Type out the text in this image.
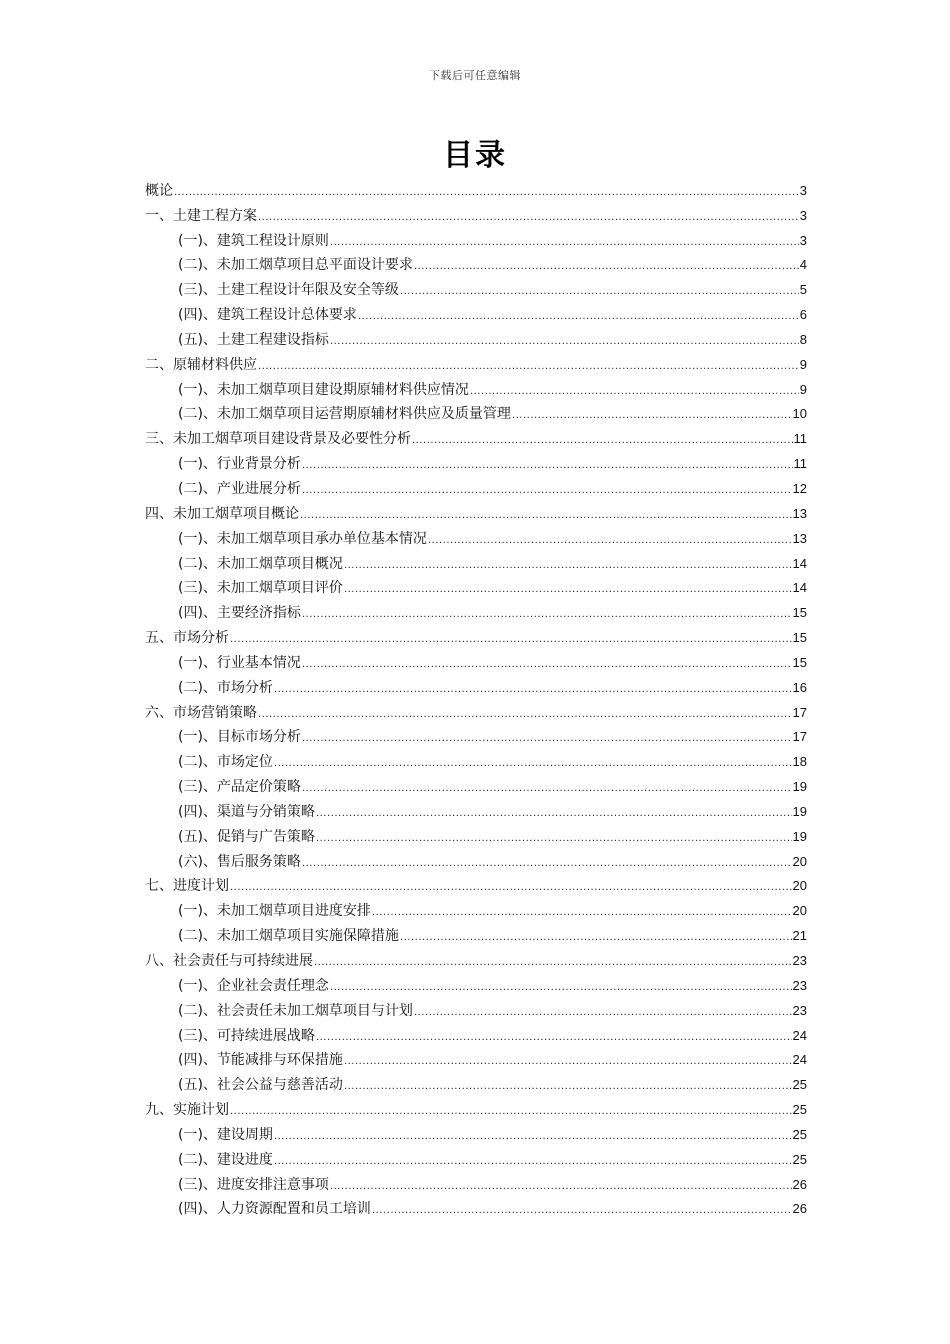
下载后可任意编辑
目录
概论 .....	3
一、土建工程方案 .....	3
(一)、建筑工程设计原则 .....	3
(二)、未加工烟草项目总平面设计要求 .....	4
(三)、土建工程设计年限及安全等级 .....	5
(四)、建筑工程设计总体要求 .....	6
(五)、土建工程建设指标 .....	8
二、原辅材料供应 .....	9
(一)、未加工烟草项目建设期原辅材料供应情况 .....	9
(二)、未加工烟草项目运营期原辅材料供应及质量管理 .....	10
三、未加工烟草项目建设背景及必要性分析 .....	11
(一)、行业背景分析 .....	11
(二)、产业进展分析 .....	12
四、未加工烟草项目概论 .....	13
(一)、未加工烟草项目承办单位基本情况 .....	13
(二)、未加工烟草项目概况 .....	14
(三)、未加工烟草项目评价 .....	14
(四)、主要经济指标 .....	15
五、市场分析 .....	15
(一)、行业基本情况 .....	15
(二)、市场分析 .....	16
六、市场营销策略 .....	17
(一)、目标市场分析 .....	17
(二)、市场定位 .....	18
(三)、产品定价策略 .....	19
(四)、渠道与分销策略 .....	19
(五)、促销与广告策略 .....	19
(六)、售后服务策略 .....	20
七、进度计划 .....	20
(一)、未加工烟草项目进度安排 .....	20
(二)、未加工烟草项目实施保障措施 .....	21
八、社会责任与可持续进展 .....	23
(一)、企业社会责任理念 .....	23
(二)、社会责任未加工烟草项目与计划 .....	23
(三)、可持续进展战略 .....	24
(四)、节能减排与环保措施 .....	24
(五)、社会公益与慈善活动 .....	25
九、实施计划 .....	25
(一)、建设周期 .....	25
(二)、建设进度 .....	25
(三)、进度安排注意事项 .....	26
(四)、人力资源配置和员工培训 .....	26
